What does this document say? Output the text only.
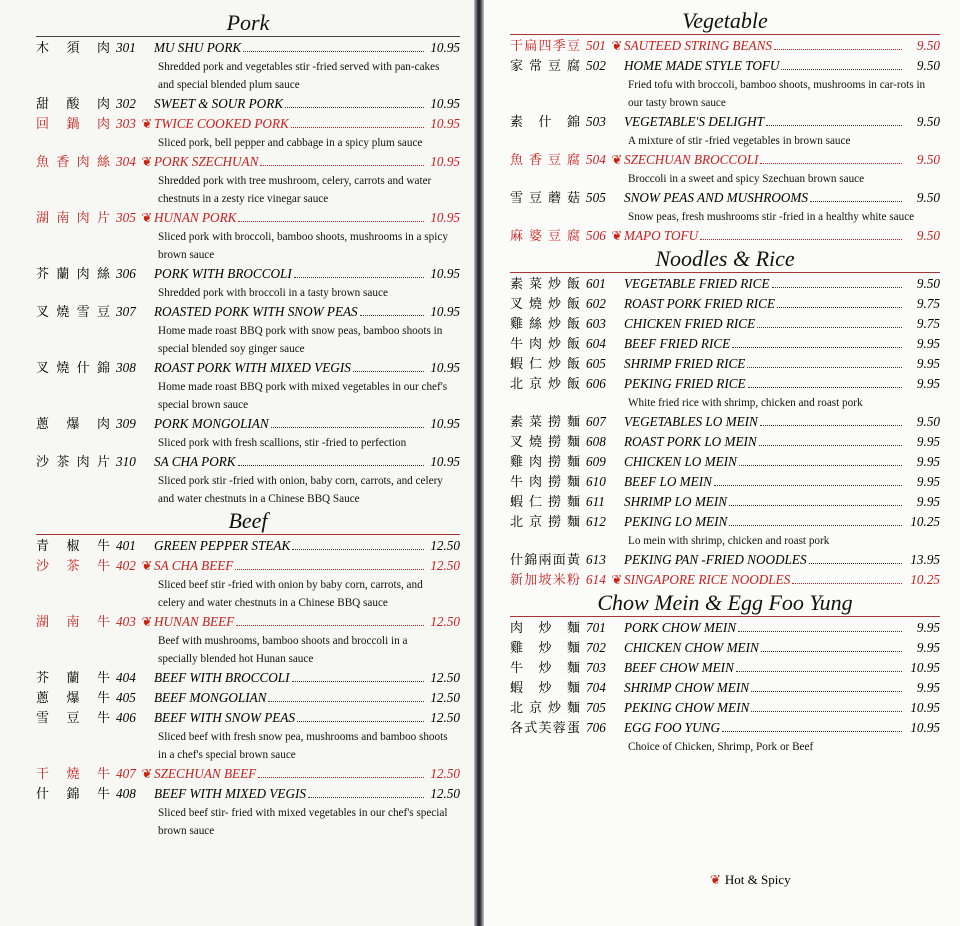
Pork
木 須 肉 301	MU SHU PORK	10.95
Shredded pork and vegetables stir -fried served with pan-cakes and special blended plum sauce
甜 酸 肉 302	SWEET & SOUR PORK	10.95
回 鍋 肉 303 ❦ TWICE COOKED PORK	10.95
Sliced pork, bell pepper and cabbage in a spicy plum sauce
魚 香 肉 絲 304 ❦ PORK SZECHUAN	10.95
Shredded pork with tree mushroom, celery, carrots and water chestnuts in a zesty rice vinegar sauce
湖 南 肉 片 305 ❦ HUNAN PORK	10.95
Sliced pork with broccoli, bamboo shoots, mushrooms in a spicy brown sauce
芥 蘭 肉 絲 306	PORK WITH BROCCOLI	10.95
Shredded pork with broccoli in a tasty brown sauce
叉 燒 雪 豆 307	ROASTED PORK WITH SNOW PEAS	10.95
Home made roast BBQ pork with snow peas, bamboo shoots in special blended soy ginger sauce
叉 燒 什 錦 308	ROAST PORK WITH MIXED VEGIS	10.95
Home made roast BBQ pork with mixed vegetables in our chef's special brown sauce
蔥 爆 肉 309	PORK MONGOLIAN	10.95
Sliced pork with fresh scallions, stir -fried to perfection
沙 茶 肉 片 310	SA CHA PORK	10.95
Sliced pork stir -fried with onion, baby corn, carrots, and celery and water chestnuts in a Chinese BBQ Sauce
Beef
青 椒 牛 401	GREEN PEPPER STEAK	12.50
沙 茶 牛 402 ❦ SA CHA BEEF	12.50
Sliced beef stir -fried with onion by baby corn, carrots, and celery and water chestnuts in a Chinese BBQ sauce
湖 南 牛 403 ❦ HUNAN BEEF	12.50
Beef with mushrooms, bamboo shoots and broccoli in a specially blended hot Hunan sauce
芥 蘭 牛 404	BEEF WITH BROCCOLI	12.50
蔥 爆 牛 405	BEEF MONGOLIAN	12.50
雪 豆 牛 406	BEEF WITH SNOW PEAS	12.50
Sliced beef with fresh snow pea, mushrooms and bamboo shoots in a chef's special brown sauce
干 燒 牛 407 ❦ SZECHUAN BEEF	12.50
什 錦 牛 408	BEEF WITH MIXED VEGIS	12.50
Sliced beef stir- fried with mixed vegetables in our chef's special brown sauce
Vegetable
干 扁 四 季 豆 501 ❦ SAUTEED STRING BEANS	9.50
家 常 豆 腐 502	HOME MADE STYLE TOFU	9.50
Fried tofu with broccoli, bamboo shoots, mushrooms in car-rots in our tasty brown sauce
素 什 錦 503	VEGETABLE'S DELIGHT	9.50
A mixture of stir -fried vegetables in brown sauce
魚 香 豆 腐 504 ❦ SZECHUAN BROCCOLI	9.50
Broccoli in a sweet and spicy Szechuan brown sauce
雪 豆 蘑 菇 505	SNOW PEAS AND MUSHROOMS	9.50
Snow peas, fresh mushrooms stir -fried in a healthy white sauce
麻 婆 豆 腐 506 ❦ MAPO TOFU	9.50
Noodles & Rice
素 菜 炒 飯 601	VEGETABLE FRIED RICE	9.50
叉 燒 炒 飯 602	ROAST PORK FRIED RICE	9.75
雞 絲 炒 飯 603	CHICKEN FRIED RICE	9.75
牛 肉 炒 飯 604	BEEF FRIED RICE	9.95
蝦 仁 炒 飯 605	SHRIMP FRIED RICE	9.95
北 京 炒 飯 606	PEKING FRIED RICE	9.95
White fried rice with shrimp, chicken and roast pork
素 菜 撈 麵 607	VEGETABLES LO MEIN	9.50
叉 燒 撈 麵 608	ROAST PORK LO MEIN	9.95
雞 肉 撈 麵 609	CHICKEN LO MEIN	9.95
牛 肉 撈 麵 610	BEEF LO MEIN	9.95
蝦 仁 撈 麵 611	SHRIMP LO MEIN	9.95
北 京 撈 麵 612	PEKING LO MEIN	10.25
Lo mein with shrimp, chicken and roast pork
什 錦 兩 面 黃 613	PEKING PAN -FRIED NOODLES	13.95
新 加 坡 米 粉 614 ❦ SINGAPORE RICE NOODLES	10.25
Chow Mein & Egg Foo Yung
肉 炒 麵 701	PORK CHOW MEIN	9.95
雞 炒 麵 702	CHICKEN CHOW MEIN	9.95
牛 炒 麵 703	BEEF CHOW MEIN	10.95
蝦 炒 麵 704	SHRIMP CHOW MEIN	9.95
北 京 炒 麵 705	PEKING CHOW MEIN	10.95
各 式 芙 蓉 蛋 706	EGG FOO YUNG	10.95
Choice of Chicken, Shrimp, Pork or Beef
❦ Hot & Spicy
